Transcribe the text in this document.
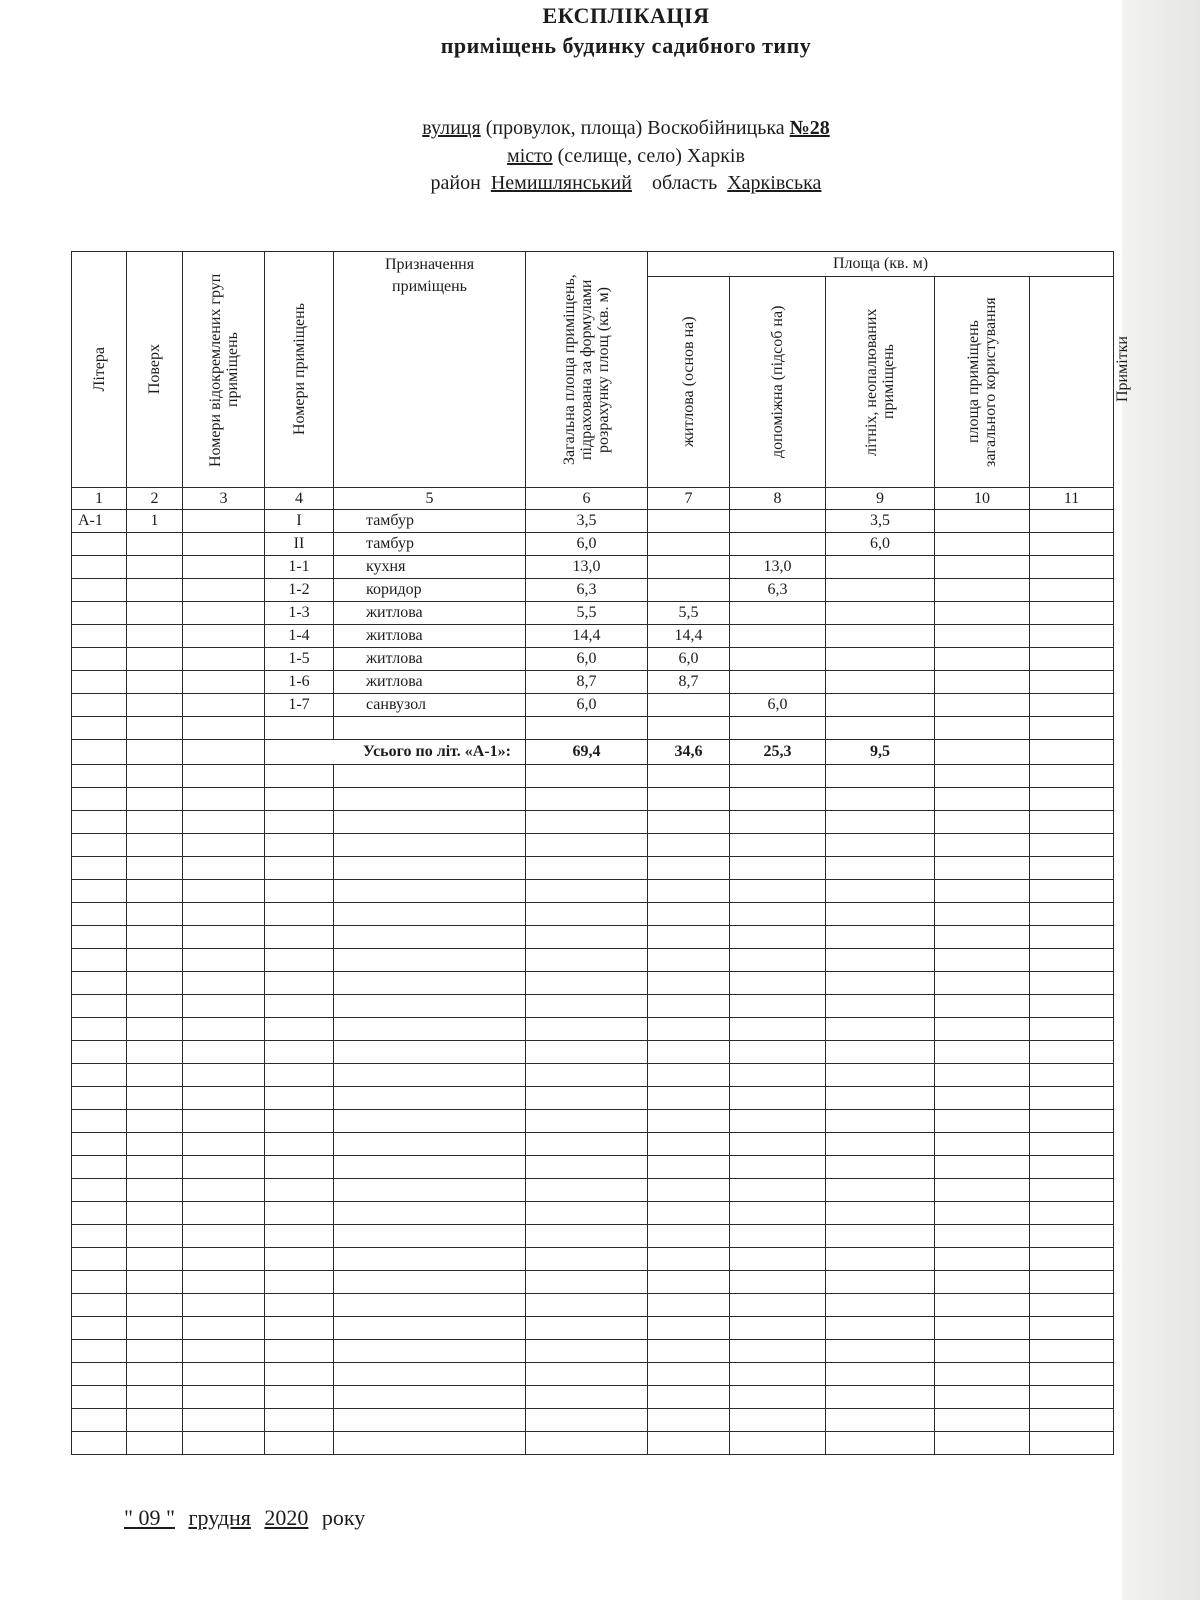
ЕКСПЛІКАЦІЯ
приміщень будинку садибного типу
вулиця (провулок, площа) Воскобійницька №28
місто (селище, село) Харків
район Немишлянський область Харківська
Літера	Поверх	Номери відокремлених груп приміщень	Номери приміщень	Призначення
приміщень	Загальна площа приміщень, підрахована за формулами розрахунку площ (кв. м)	Площа (кв. м)					Примітки

						житлова (основ на)	допоміжна (підсоб на)	літніх, неопалюваних приміщень	площа приміщень загального користування		

1	2	3	4	5	6	7	8	9	10	11	
А-1	1		І	тамбур	3,5			3,5			
			ІІ	тамбур	6,0			6,0			
			1-1	кухня	13,0		13,0				
			1-2	коридор	6,3		6,3				
			1-3	житлова	5,5	5,5					
			1-4	житлова	14,4	14,4					
			1-5	житлова	6,0	6,0					
			1-6	житлова	8,7	8,7					
			1-7	санвузол	6,0		6,0				

			Усього по літ. «А-1»:		69,4	34,6	25,3	9,5			

" 09 " грудня 2020 року
